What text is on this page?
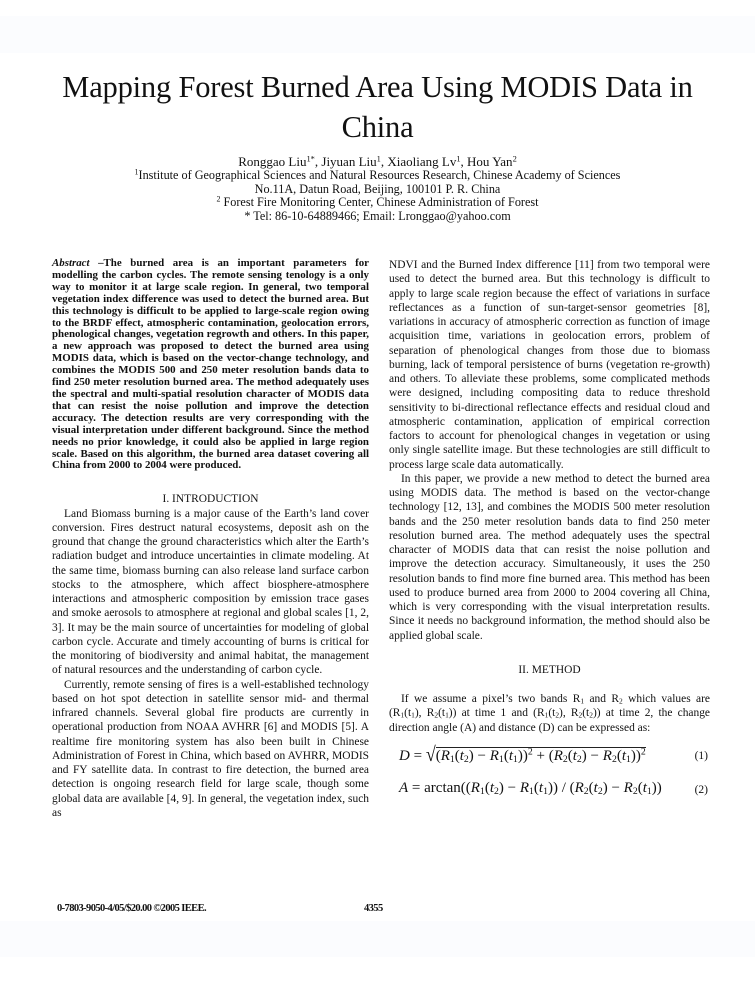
Mapping Forest Burned Area Using MODIS Data in China
Ronggao Liu$^{1*}$, Jiyuan Liu$^1$, Xiaoliang Lv$^1$, Hou Yan$^2$
$^1$Institute of Geographical Sciences and Natural Resources Research, Chinese Academy of Sciences
No.11A, Datun Road, Beijing, 100101 P. R. China
$^2$ Forest Fire Monitoring Center, Chinese Administration of Forest
* Tel: 86-10-64889466; Email: Lronggao@yahoo.com

Abstract –The burned area is an important parameters for modelling the carbon cycles. The remote sensing tenology is a only way to monitor it at large scale region. In general, two temporal vegetation index difference was used to detect the burned area. But this technology is difficult to be applied to large-scale region owing to the BRDF effect, atmospheric contamination, geolocation errors, phenological changes, vegetation regrowth and others. In this paper, a new approach was proposed to detect the burned area using MODIS data, which is based on the vector-change technology, and combines the MODIS 500 and 250 meter resolution bands data to find 250 meter resolution burned area. The method adequately uses the spectral and multi-spatial resolution character of MODIS data that can resist the noise pollution and improve the detection accuracy. The detection results are very corresponding with the visual interpretation under different background. Since the method needs no prior knowledge, it could also be applied in large region scale. Based on this algorithm, the burned area dataset covering all China from 2000 to 2004 were produced.

I. INTRODUCTION

Land Biomass burning is a major cause of the Earth’s land cover conversion. Fires destruct natural ecosystems, deposit ash on the ground that change the ground characteristics which alter the Earth’s radiation budget and introduce uncertainties in climate modeling. At the same time, biomass burning can also release land surface carbon stocks to the atmosphere, which affect biosphere-atmosphere interactions and atmospheric composition by emission trace gases and smoke aerosols to atmosphere at regional and global scales [1, 2, 3]. It may be the main source of uncertainties for modeling of global carbon cycle. Accurate and timely accounting of burns is critical for the monitoring of biodiversity and animal habitat, the management of natural resources and the understanding of carbon cycle.

Currently, remote sensing of fires is a well-established technology based on hot spot detection in satellite sensor mid- and thermal infrared channels. Several global fire products are currently in operational production from NOAA AVHRR [6] and MODIS [5]. A realtime fire monitoring system has also been built in Chinese Administration of Forest in China, which based on AVHRR, MODIS and FY satellite data. In contrast to fire detection, the burned area detection is ongoing research field for large scale, though some global data are available [4, 9]. In general, the vegetation index, such as

NDVI and the Burned Index difference [11] from two temporal were used to detect the burned area. But this technology is difficult to apply to large scale region because the effect of variations in surface reflectances as a function of sun-target-sensor geometries [8], variations in accuracy of atmospheric correction as function of image acquisition time, variations in geolocation errors, problem of separation of phenological changes from those due to biomass burning, lack of temporal persistence of burns (vegetation re-growth) and others. To alleviate these problems, some complicated methods were designed, including compositing data to reduce threshold sensitivity to bi-directional reflectance effects and residual cloud and atmospheric contamination, application of empirical correction factors to account for phenological changes in vegetation or using only single satellite image. But these technologies are still difficult to process large scale data automatically.

In this paper, we provide a new method to detect the burned area using MODIS data. The method is based on the vector-change technology [12, 13], and combines the MODIS 500 meter resolution bands and the 250 meter resolution bands data to find 250 meter resolution burned area. The method adequately uses the spectral character of MODIS data that can resist the noise pollution and improve the detection accuracy. Simultaneously, it uses the 250 resolution bands to find more fine burned area. This method has been used to produce burned area from 2000 to 2004 covering all China, which is very corresponding with the visual interpretation results. Since it needs no background information, the method should also be applied global scale.

II. METHOD

If we assume a pixel’s two bands $R_1$ and $R_2$ which values are ($R_1(t_1)$, $R_2(t_1)$) at time 1 and ($R_1(t_2)$, $R_2(t_2)$) at time 2, the change direction angle (A) and distance (D) can be expressed as:

$D = √(R_1(t_2) - R_1(t_1))^2 + (R_2(t_2) - R_2(t_1))^2$	(1)
$A = \arctan((R_1(t_2) - R_1(t_1)) / (R_2(t_2) - R_2(t_1))$	(2)
0-7803-9050-4/05/$20.00 ©2005 IEEE.	4355
